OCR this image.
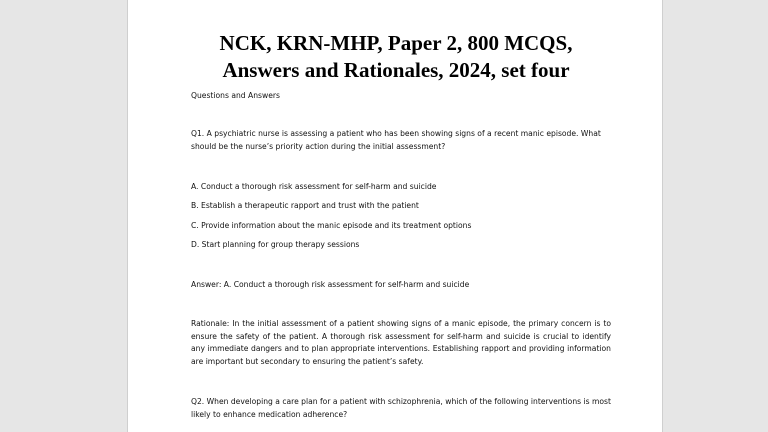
NCK, KRN-MHP, Paper 2, 800 MCQS,
Answers and Rationales, 2024, set four
Questions and Answers
Q1. A psychiatric nurse is assessing a patient who has been showing signs of a recent manic episode. What should be the nurse’s priority action during the initial assessment?
A. Conduct a thorough risk assessment for self-harm and suicide
B. Establish a therapeutic rapport and trust with the patient
C. Provide information about the manic episode and its treatment options
D. Start planning for group therapy sessions
Answer: A. Conduct a thorough risk assessment for self-harm and suicide
Rationale: In the initial assessment of a patient showing signs of a manic episode, the primary concern is to ensure the safety of the patient. A thorough risk assessment for self-harm and suicide is crucial to identify any immediate dangers and to plan appropriate interventions. Establishing rapport and providing information are important but secondary to ensuring the patient’s safety.
Q2. When developing a care plan for a patient with schizophrenia, which of the following interventions is most likely to enhance medication adherence?
